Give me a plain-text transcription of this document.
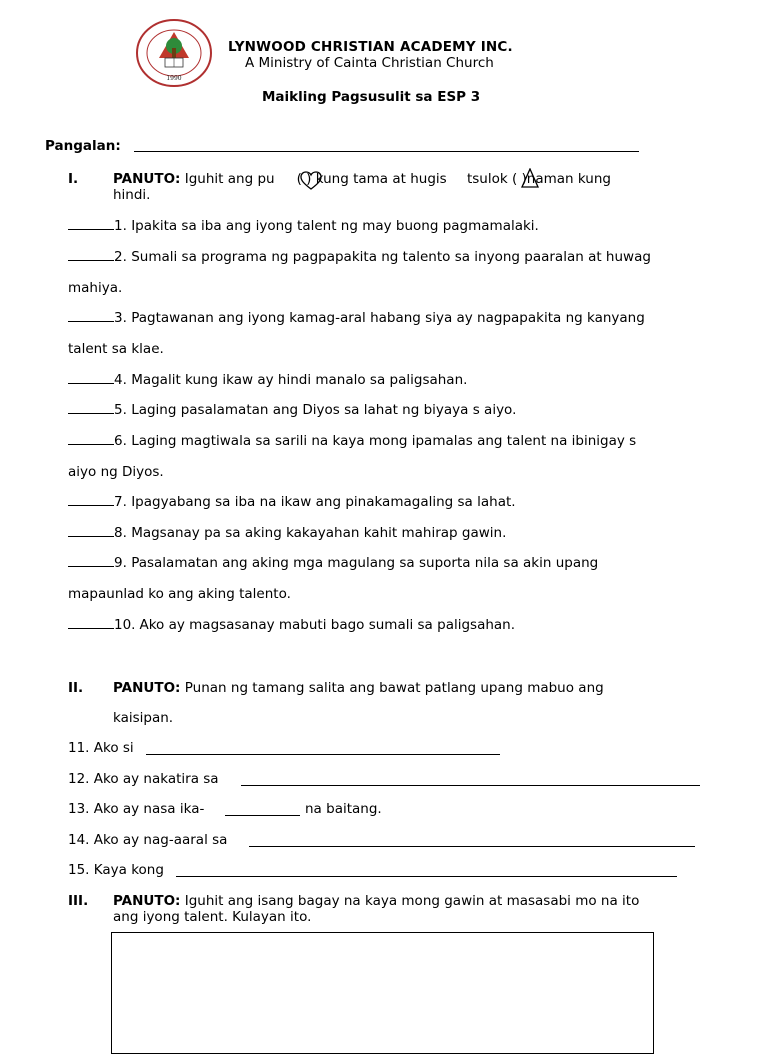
1990
LYNWOOD CHRISTIAN ACADEMY INC.
A Ministry of Cainta Christian Church
Maikling Pagsusulit sa ESP 3
Pangalan:
I.	PANUTO: Iguhit ang pu ( ) kung tama at hugis tsulok ( )naman kung
hindi.
1. Ipakita sa iba ang iyong talent ng may buong pagmamalaki.
2. Sumali sa programa ng pagpapakita ng talento sa inyong paaralan at huwag
mahiya.
3. Pagtawanan ang iyong kamag-aral habang siya ay nagpapakita ng kanyang
talent sa klae.
4. Magalit kung ikaw ay hindi manalo sa paligsahan.
5. Laging pasalamatan ang Diyos sa lahat ng biyaya s aiyo.
6. Laging magtiwala sa sarili na kaya mong ipamalas ang talent na ibinigay s
aiyo ng Diyos.
7. Ipagyabang sa iba na ikaw ang pinakamagaling sa lahat.
8. Magsanay pa sa aking kakayahan kahit mahirap gawin.
9. Pasalamatan ang aking mga magulang sa suporta nila sa akin upang
mapaunlad ko ang aking talento.
10. Ako ay magsasanay mabuti bago sumali sa paligsahan.
II. PANUTO: Punan ng tamang salita ang bawat patlang upang mabuo ang
kaisipan.
11. Ako si
12. Ako ay nakatira sa
13. Ako ay nasa ika-	na baitang.
14. Ako ay nag-aaral sa
15. Kaya kong
III. PANUTO: Iguhit ang isang bagay na kaya mong gawin at masasabi mo na ito
ang iyong talent. Kulayan ito.
